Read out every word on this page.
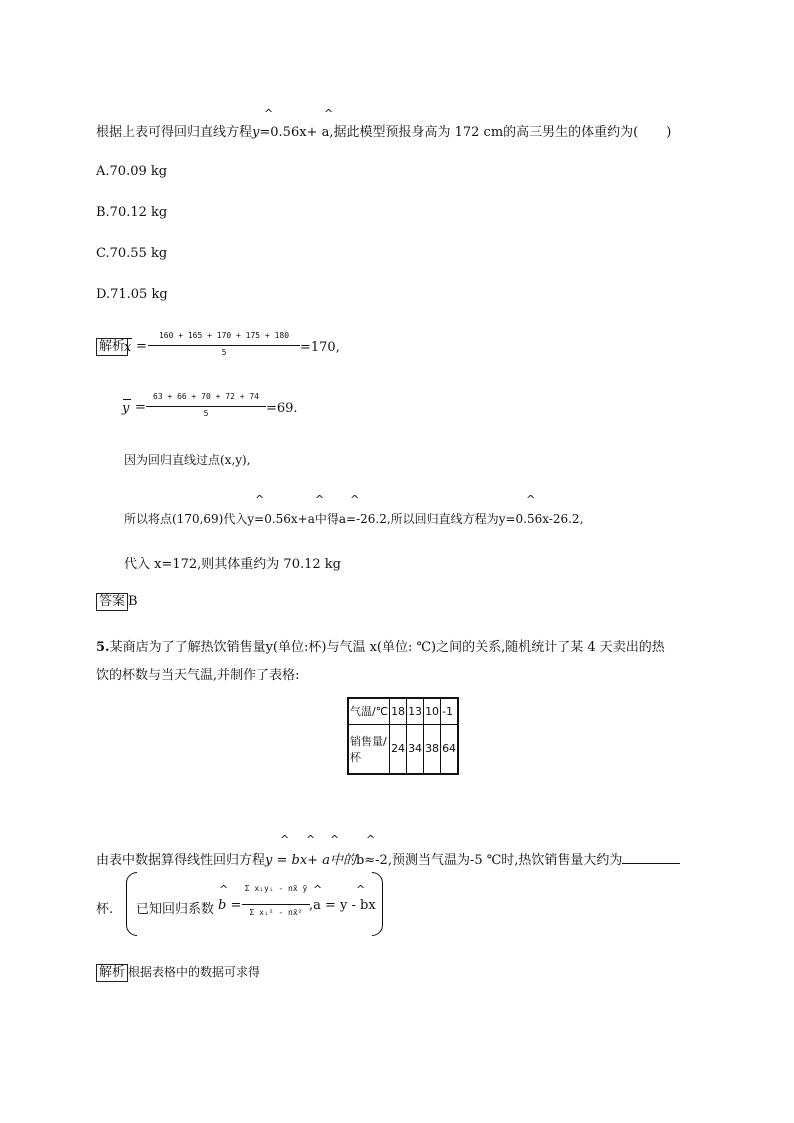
^	^
根据上表可得回归直线方程y=0.56x+ a,据此模型预报身高为 172 cm的高三男生的体重约为( )
A.70.09 kg
B.70.12 kg
C.70.55 kg
D.71.05 kg
解析
x =
160 + 165 + 170 + 175 + 180
5	=170,
y =
63 + 66 + 70 + 72 + 74
5	=69.
因为回归直线过点(x,y),
^	^ ^	^
所以将点(170,69)代入y=0.56x+a中得a=-26.2,所以回归直线方程为y=0.56x-26.2,
代入 x=172,则其体重约为 70.12 kg
答案 B
5.某商店为了了解热饮销售量y(单位:杯)与气温 x(单位: ℃)之间的关系,随机统计了某 4 天卖出的热
饮的杯数与当天气温,并制作了表格:
气温/℃	18	13	10	-1
销售量/
杯	24	34	38	64
^ ^ ^ ^
由表中数据算得线性回归方程y = bx+ a中的b≈-2,预测当气温为-5 ℃时,热饮销售量大约为
杯. 已知回归系数
^
b =
Σ xᵢyᵢ - nx̄ ȳ
Σ xᵢ² - nx̄²
^	^
,a = y - bx
解析 根据表格中的数据可求得
